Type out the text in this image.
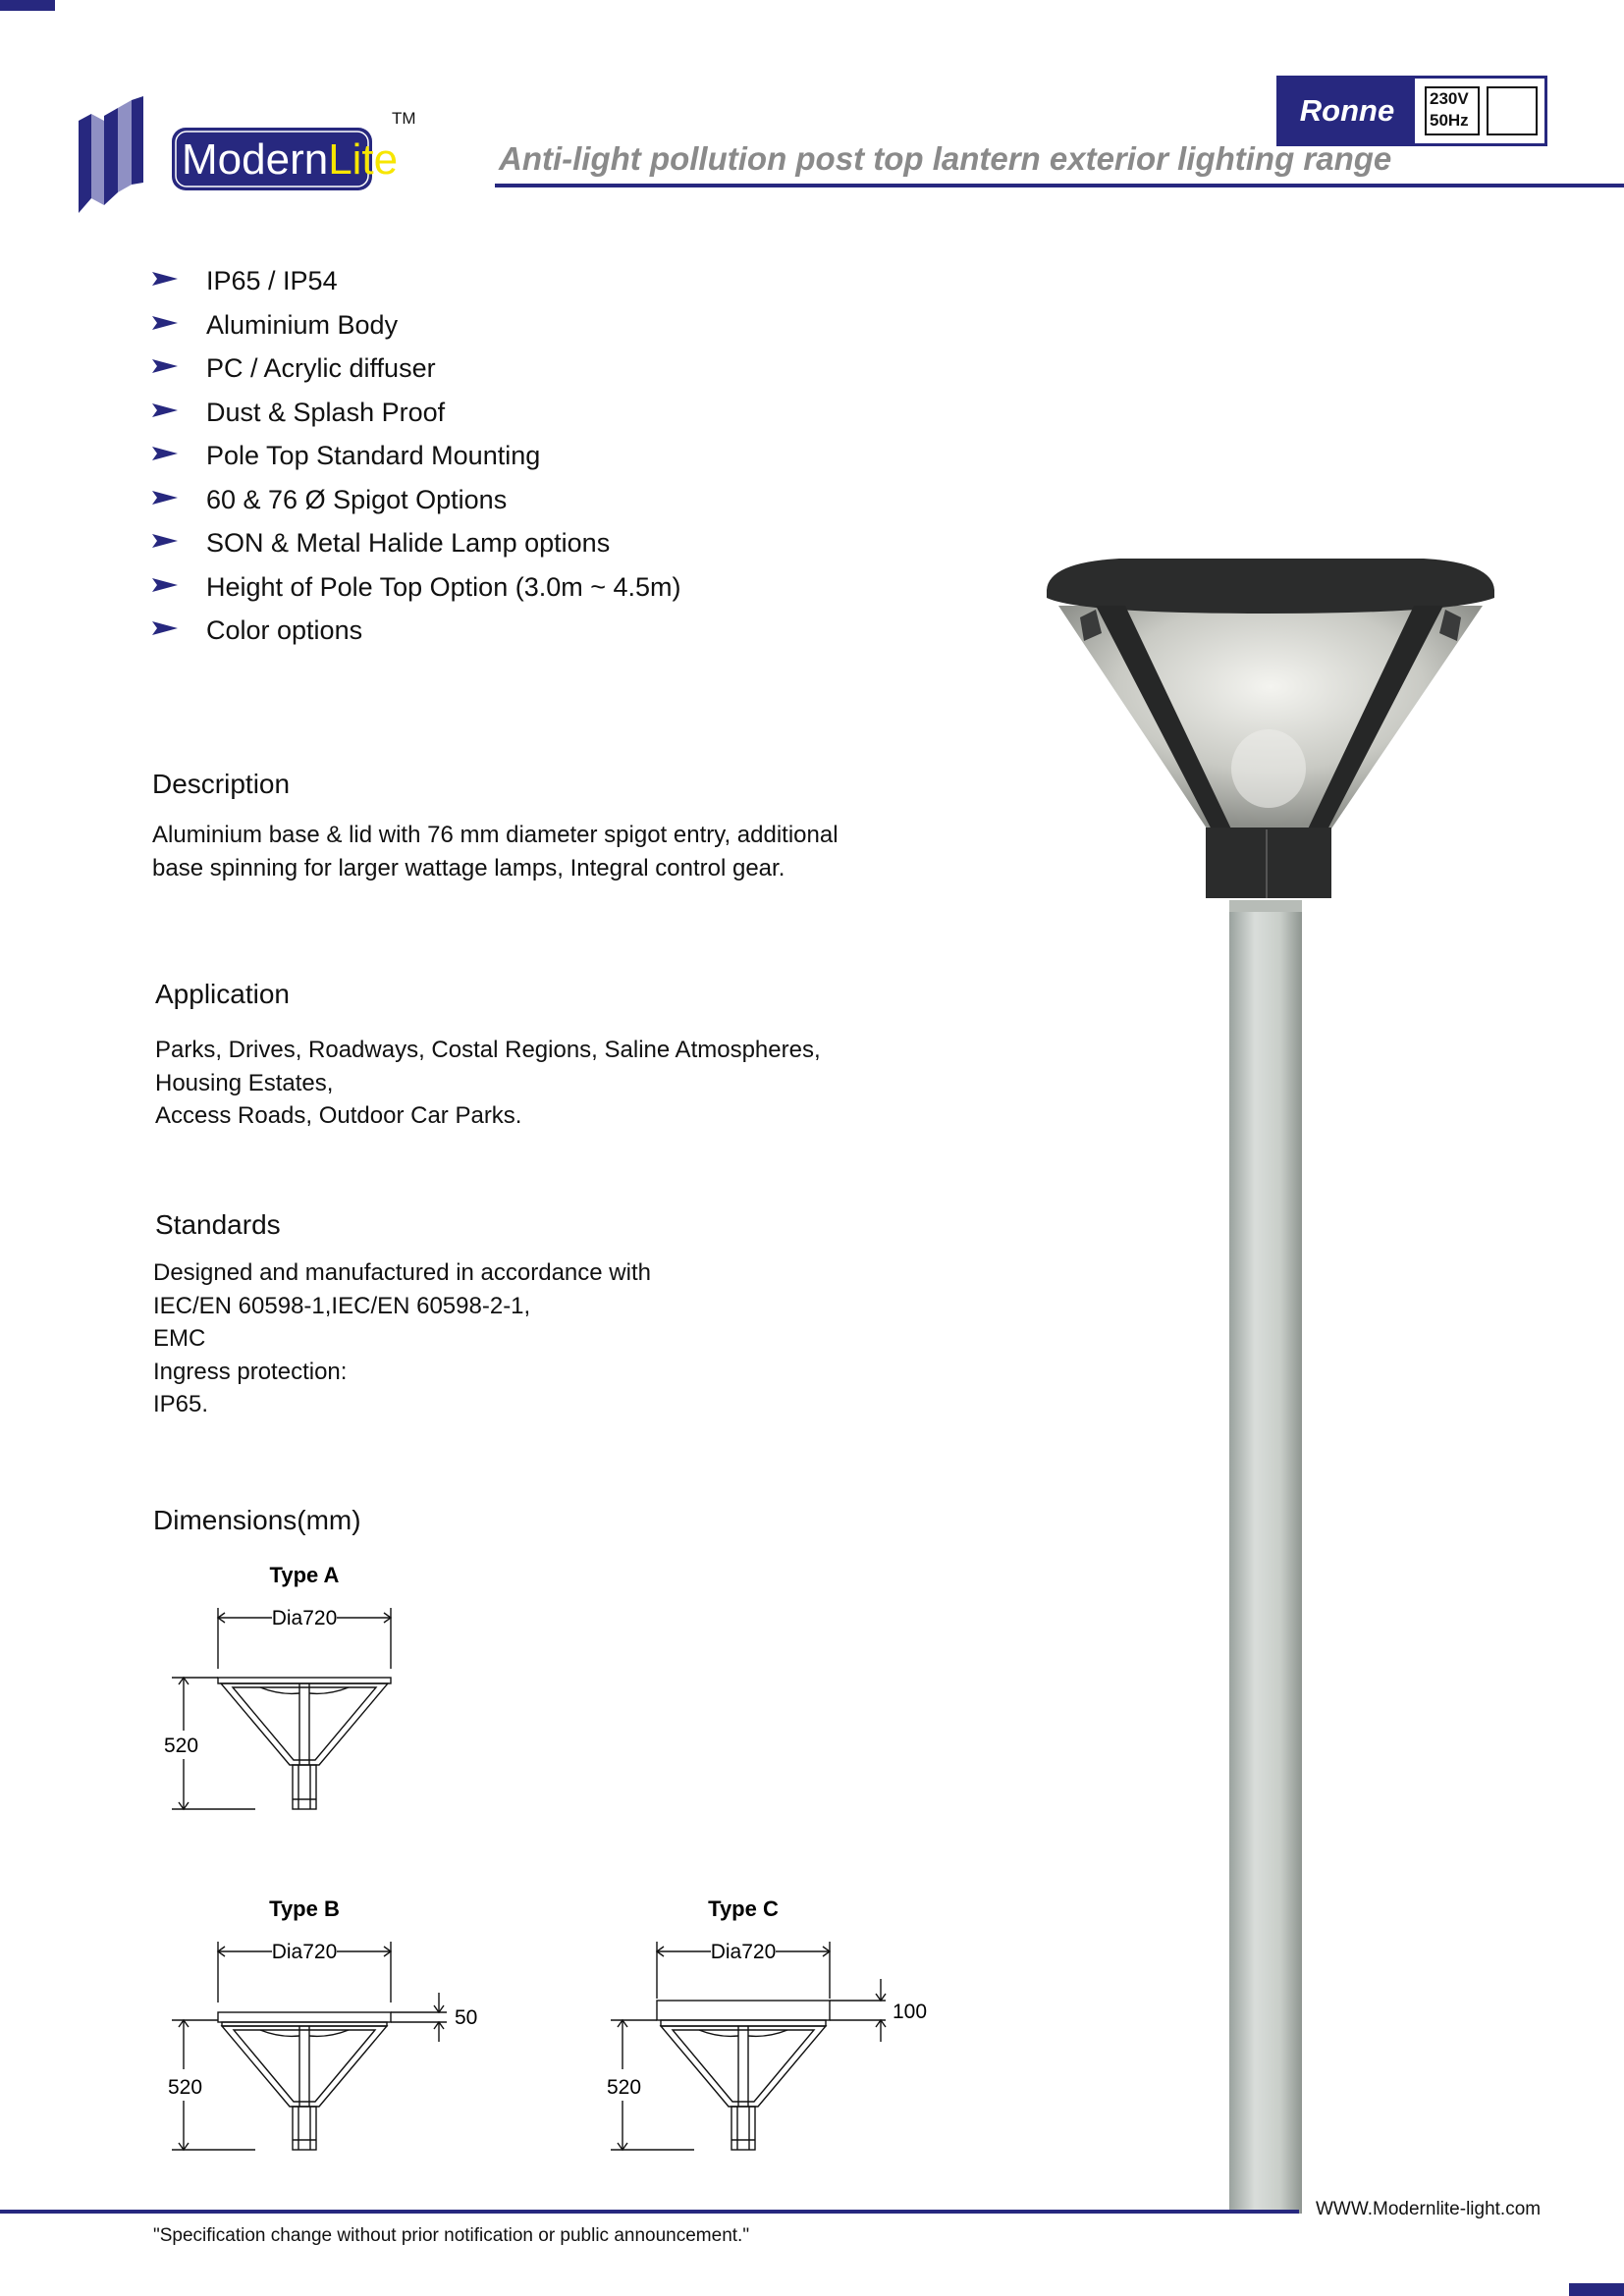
ModernLite
TM	Ronne	230V
50Hz
Anti-light pollution post top lantern exterior lighting range
IP65 / IP54
Aluminium Body
PC / Acrylic diffuser
Dust & Splash Proof
Pole Top Standard Mounting
60 & 76 Ø Spigot Options
SON & Metal Halide Lamp options
Height of Pole Top Option (3.0m ~ 4.5m)
Color options
Description
Aluminium base & lid with 76 mm diameter spigot entry, additional
base spinning for larger wattage lamps, Integral control gear.
Application
Parks, Drives, Roadways, Costal Regions, Saline Atmospheres,
Housing Estates,
Access Roads, Outdoor Car Parks.
Standards
Designed and manufactured in accordance with
IEC/EN 60598-1,IEC/EN 60598-2-1,
EMC
Ingress protection:
IP65.
Dimensions(mm)
Type A
Dia720
520
Type B
Dia720
520
50
Type C
Dia720
520
100
WWW.Modernlite-light.com
"Specification change without prior notification or public announcement."
